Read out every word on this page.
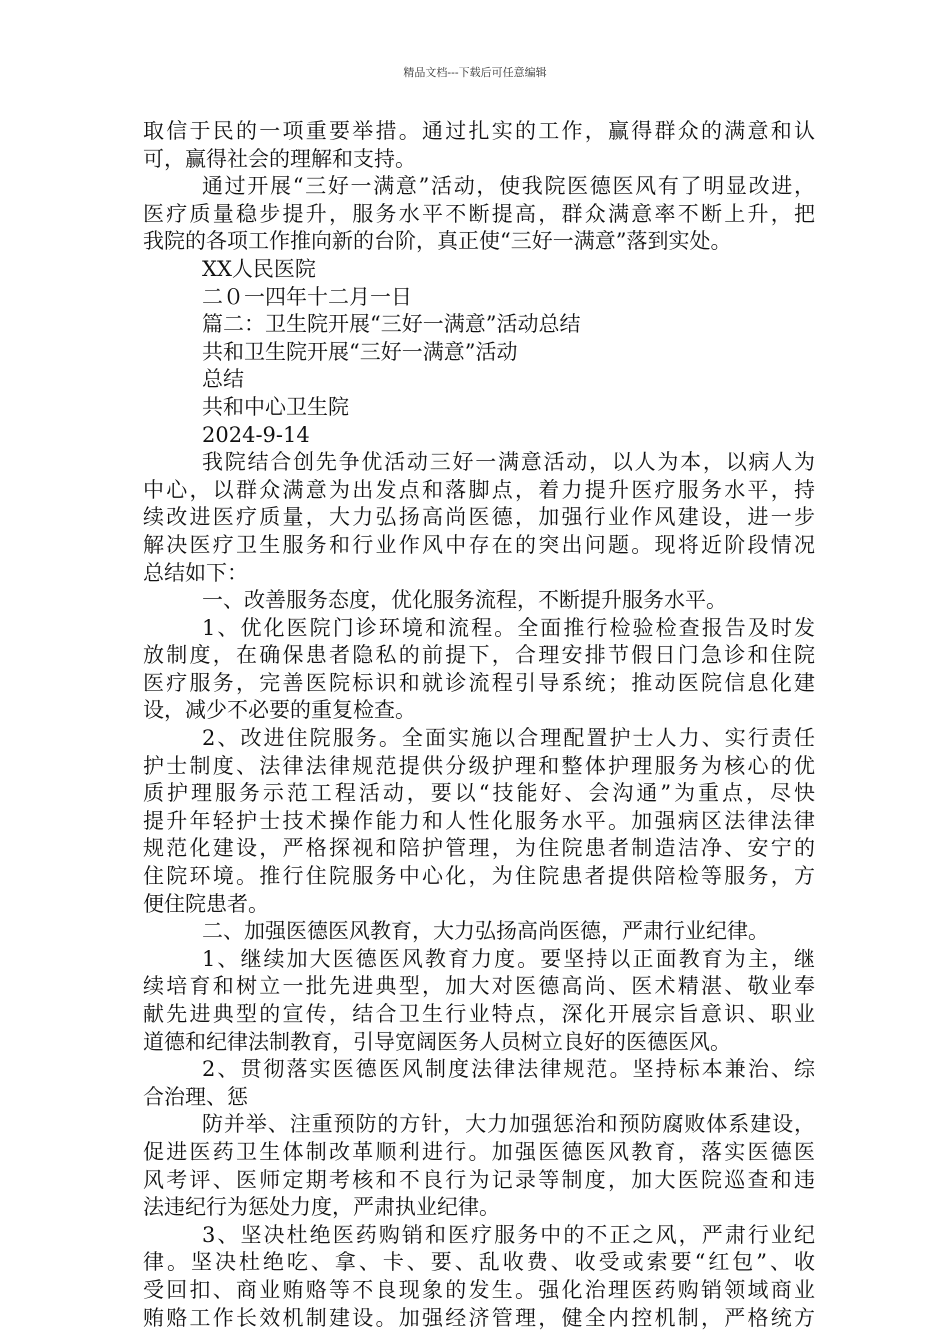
精品文档---下载后可任意编辑

取信于民的一项重要举措。通过扎实的工作，赢得群众的满意和认

可，赢得社会的理解和支持。

通过开展“三好一满意”活动，使我院医德医风有了明显改进，

医疗质量稳步提升，服务水平不断提高，群众满意率不断上升，把

我院的各项工作推向新的台阶，真正使“三好一满意”落到实处。

XX人民医院

二０一四年十二月一日

篇二：卫生院开展“三好一满意”活动总结

共和卫生院开展“三好一满意”活动

总结

共和中心卫生院

2024-9-14

我院结合创先争优活动三好一满意活动，以人为本，以病人为

中心，以群众满意为出发点和落脚点，着力提升医疗服务水平，持

续改进医疗质量，大力弘扬高尚医德，加强行业作风建设，进一步

解决医疗卫生服务和行业作风中存在的突出问题。现将近阶段情况

总结如下：

一、改善服务态度，优化服务流程，不断提升服务水平。

1、优化医院门诊环境和流程。全面推行检验检查报告及时发

放制度，在确保患者隐私的前提下，合理安排节假日门急诊和住院

医疗服务，完善医院标识和就诊流程引导系统；推动医院信息化建

设，减少不必要的重复检查。

2、改进住院服务。全面实施以合理配置护士人力、实行责任

护士制度、法律法律规范提供分级护理和整体护理服务为核心的优

质护理服务示范工程活动，要以“技能好、会沟通”为重点，尽快

提升年轻护士技术操作能力和人性化服务水平。加强病区法律法律

规范化建设，严格探视和陪护管理，为住院患者制造洁净、安宁的

住院环境。推行住院服务中心化，为住院患者提供陪检等服务，方

便住院患者。

二、加强医德医风教育，大力弘扬高尚医德，严肃行业纪律。

1、继续加大医德医风教育力度。要坚持以正面教育为主，继

续培育和树立一批先进典型，加大对医德高尚、医术精湛、敬业奉

献先进典型的宣传，结合卫生行业特点，深化开展宗旨意识、职业

道德和纪律法制教育，引导宽阔医务人员树立良好的医德医风。

2、贯彻落实医德医风制度法律法律规范。坚持标本兼治、综

合治理、惩

防并举、注重预防的方针，大力加强惩治和预防腐败体系建设，

促进医药卫生体制改革顺利进行。加强医德医风教育，落实医德医

风考评、医师定期考核和不良行为记录等制度，加大医院巡查和违

法违纪行为惩处力度，严肃执业纪律。

3、坚决杜绝医药购销和医疗服务中的不正之风，严肃行业纪

律。坚决杜绝吃、拿、卡、要、乱收费、收受或索要“红包”、收

受回扣、商业贿赂等不良现象的发生。强化治理医药购销领域商业

贿赂工作长效机制建设。加强经济管理，健全内控机制，严格统方
